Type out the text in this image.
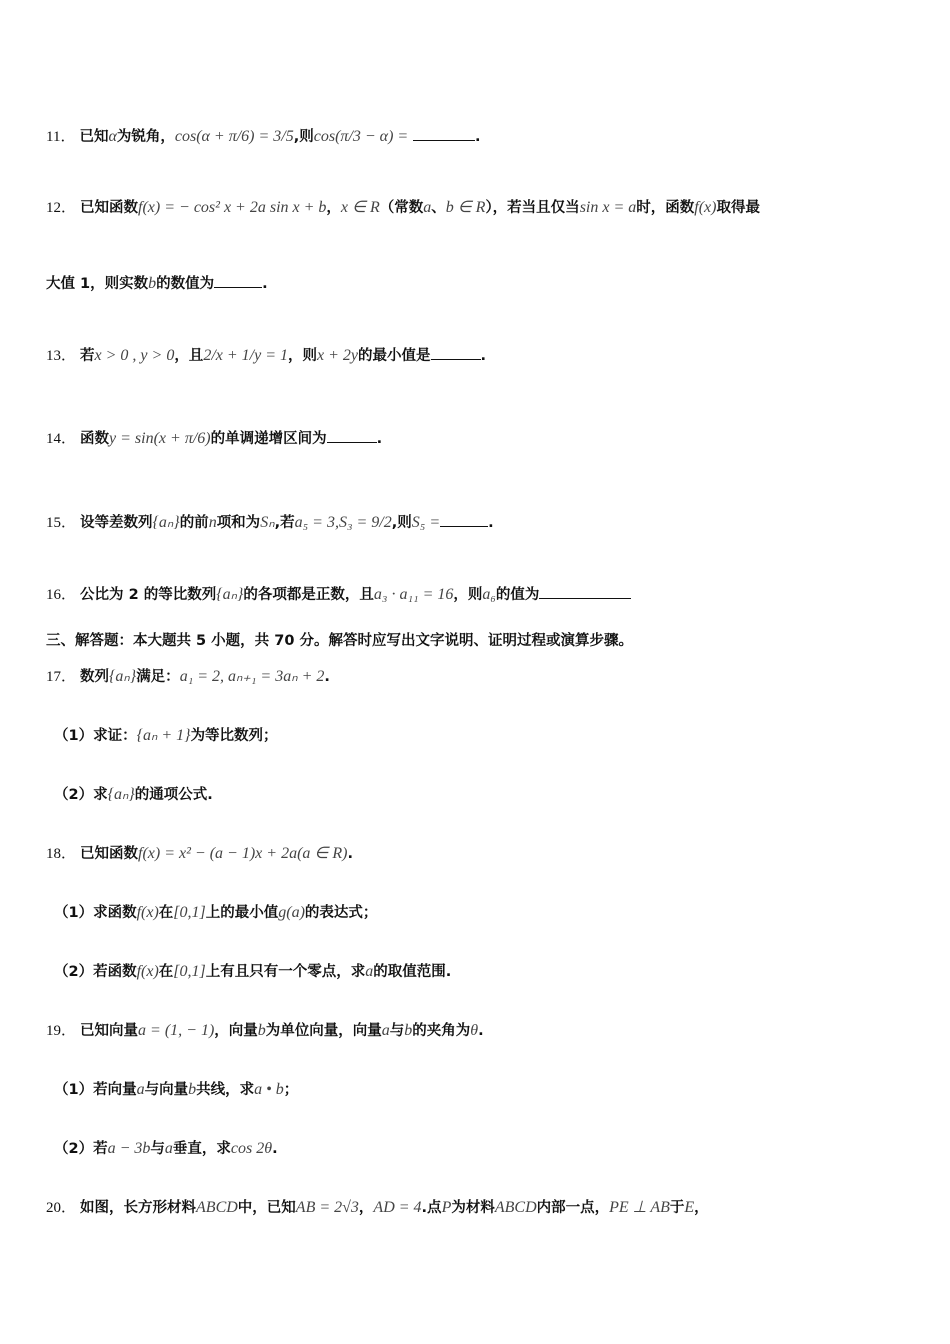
11． 已知α为锐角，cos(α + π/6) = 3/5,则cos(π/3 − α) =	.
12． 已知函数f(x) = − cos² x + 2a sin x + b，x ∈ R（常数a、b ∈ R），若当且仅当sin x = a时，函数f(x)取得最
大值 1，则实数b的数值为	.
13． 若x > 0 , y > 0，且2/x + 1/y = 1，则x + 2y的最小值是	.
14． 函数y = sin(x + π/6)的单调递增区间为	.
15． 设等差数列{aₙ}的前n项和为Sₙ,若a₅ = 3,S₃ = 9/2,则S₅ =	.
16． 公比为 2 的等比数列{aₙ}的各项都是正数，且a₃ · a₁₁ = 16，则a₆的值为
三、解答题：本大题共 5 小题，共 70 分。解答时应写出文字说明、证明过程或演算步骤。
17． 数列{aₙ}满足：a₁ = 2, aₙ₊₁ = 3aₙ + 2.
（1）求证：{aₙ + 1}为等比数列；
（2）求{aₙ}的通项公式.
18． 已知函数f(x) = x² − (a − 1)x + 2a(a ∈ R).
（1）求函数f(x)在[0,1]上的最小值g(a)的表达式；
（2）若函数f(x)在[0,1]上有且只有一个零点，求a的取值范围.
19． 已知向量a = (1, − 1)，向量b为单位向量，向量a与b的夹角为θ.
（1）若向量a与向量b共线，求a • b；
（2）若a − 3b与a垂直，求cos 2θ.
20． 如图，长方形材料ABCD中，已知AB = 2√3，AD = 4.点P为材料ABCD内部一点，PE ⊥ AB于E，
